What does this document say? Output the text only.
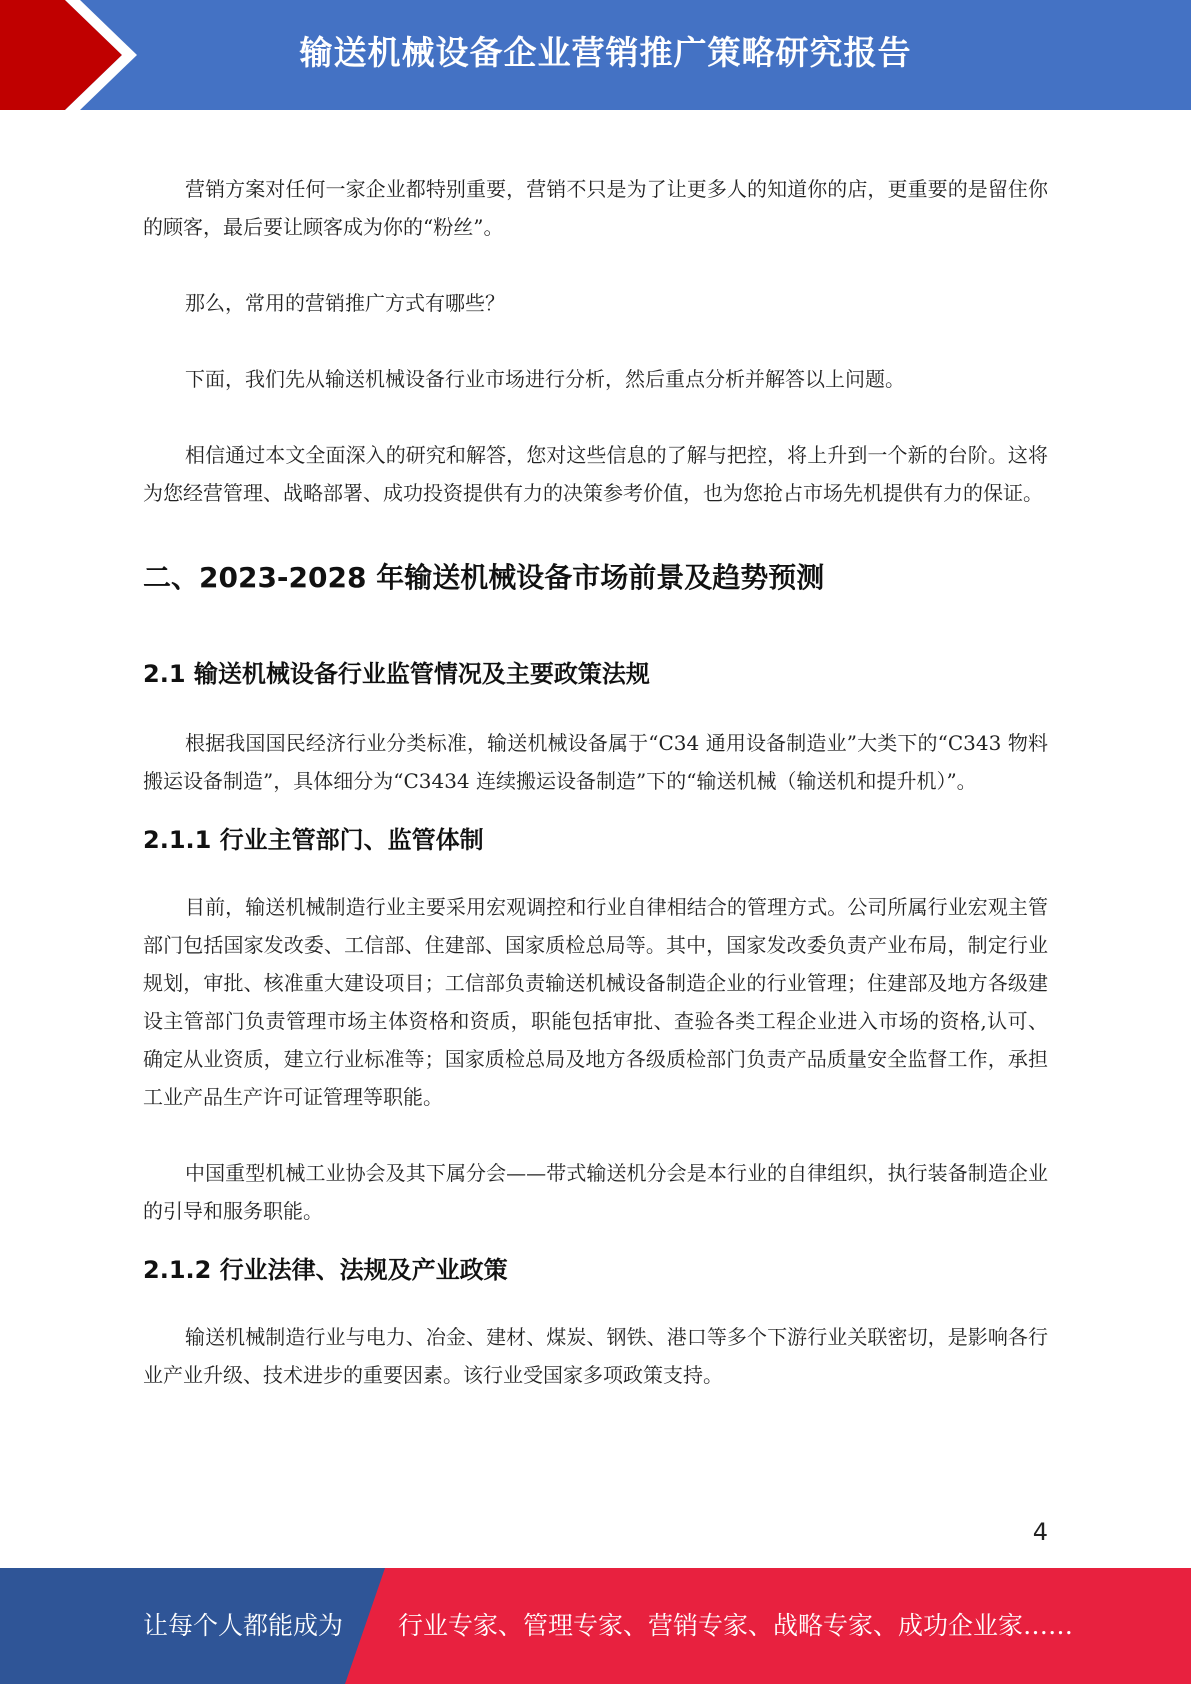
输送机械设备企业营销推广策略研究报告

营销方案对任何一家企业都特别重要，营销不只是为了让更多人的知道你的店，更重要的是留住你的顾客，最后要让顾客成为你的“粉丝”。

那么，常用的营销推广方式有哪些？

下面，我们先从输送机械设备行业市场进行分析，然后重点分析并解答以上问题。

相信通过本文全面深入的研究和解答，您对这些信息的了解与把控，将上升到一个新的台阶。这将为您经营管理、战略部署、成功投资提供有力的决策参考价值，也为您抢占市场先机提供有力的保证。

二、2023-2028 年输送机械设备市场前景及趋势预测
2.1 输送机械设备行业监管情况及主要政策法规

根据我国国民经济行业分类标准，输送机械设备属于“C34 通用设备制造业”大类下的“C343 物料搬运设备制造”，具体细分为“C3434 连续搬运设备制造”下的“输送机械（输送机和提升机）”。

2.1.1 行业主管部门、监管体制

目前，输送机械制造行业主要采用宏观调控和行业自律相结合的管理方式。公司所属行业宏观主管部门包括国家发改委、工信部、住建部、国家质检总局等。其中，国家发改委负责产业布局，制定行业规划，审批、核准重大建设项目；工信部负责输送机械设备制造企业的行业管理；住建部及地方各级建设主管部门负责管理市场主体资格和资质，职能包括审批、查验各类工程企业进入市场的资格,认可、确定从业资质，建立行业标准等；国家质检总局及地方各级质检部门负责产品质量安全监督工作，承担工业产品生产许可证管理等职能。

中国重型机械工业协会及其下属分会——带式输送机分会是本行业的自律组织，执行装备制造企业的引导和服务职能。

2.1.2 行业法律、法规及产业政策

输送机械制造行业与电力、冶金、建材、煤炭、钢铁、港口等多个下游行业关联密切，是影响各行业产业升级、技术进步的重要因素。该行业受国家多项政策支持。

4
让每个人都能成为 行业专家、管理专家、营销专家、战略专家、成功企业家……
